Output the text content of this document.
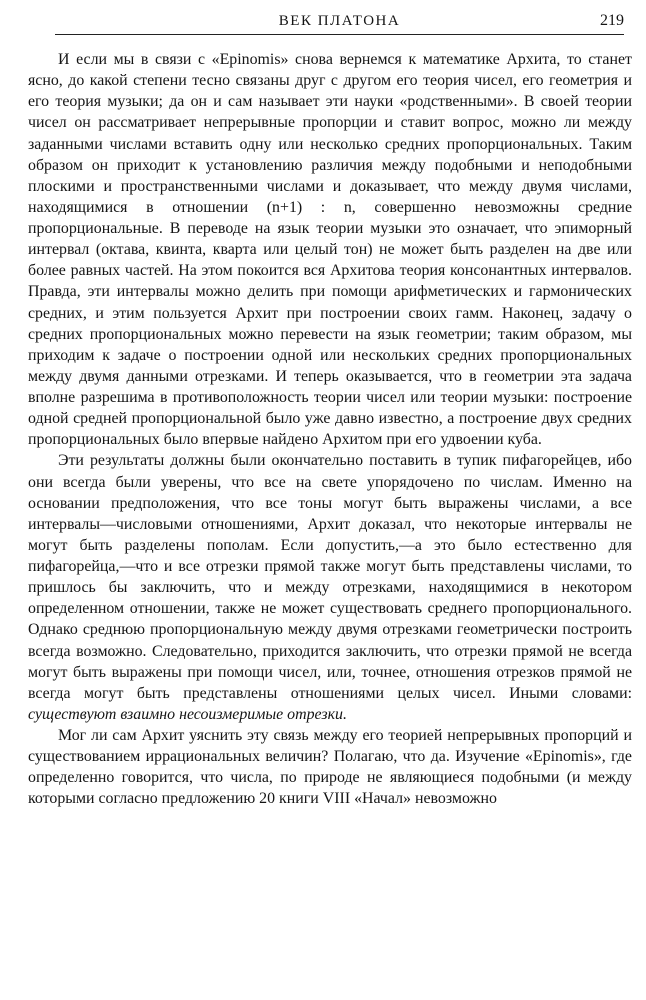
ВЕК ПЛАТОНА	219

И если мы в связи с «Epinomis» снова вернемся к математике Архита, то станет ясно, до какой степени тесно связаны друг с другом его теория чисел, его геометрия и его теория музыки; да он и сам называет эти науки «родственными». В своей теории чисел он рассматривает непрерывные пропорции и ставит вопрос, можно ли между заданными числами вставить одну или несколько средних пропорциональных. Таким образом он приходит к установлению различия между подобными и неподобными плоскими и пространственными числами и доказывает, что между двумя числами, находящимися в отношении (n+1) : n, совершенно невозможны средние пропорциональные. В переводе на язык теории музыки это означает, что эпиморный интервал (октава, квинта, кварта или целый тон) не может быть разделен на две или более равных частей. На этом покоится вся Архитова теория консонантных интервалов. Правда, эти интервалы можно делить при помощи арифметических и гармонических средних, и этим пользуется Архит при построении своих гамм. Наконец, задачу о средних пропорциональных можно перевести на язык геометрии; таким образом, мы приходим к задаче о построении одной или нескольких средних пропорциональных между двумя данными отрезками. И теперь оказывается, что в геометрии эта задача вполне разрешима в противоположность теории чисел или теории музыки: построение одной средней пропорциональной было уже давно известно, а построение двух средних пропорциональных было впервые найдено Архитом при его удвоении куба.

Эти результаты должны были окончательно поставить в тупик пифагорейцев, ибо они всегда были уверены, что все на свете упорядочено по числам. Именно на основании предположения, что все тоны могут быть выражены числами, а все интервалы—числовыми отношениями, Архит доказал, что некоторые интервалы не могут быть разделены пополам. Если допустить,—а это было естественно для пифагорейца,—что и все отрезки прямой также могут быть представлены числами, то пришлось бы заключить, что и между отрезками, находящимися в некотором определенном отношении, также не может существовать среднего пропорционального. Однако среднюю пропорциональную между двумя отрезками геометрически построить всегда возможно. Следовательно, приходится заключить, что отрезки прямой не всегда могут быть выражены при помощи чисел, или, точнее, отношения отрезков прямой не всегда могут быть представлены отношениями целых чисел. Иными словами: существуют взаимно несоизмеримые отрезки.

Мог ли сам Архит уяснить эту связь между его теорией непрерывных пропорций и существованием иррациональных величин? Полагаю, что да. Изучение «Epinomis», где определенно говорится, что числа, по природе не являющиеся подобными (и между которыми согласно предложению 20 книги VIII «Начал» невозможно
